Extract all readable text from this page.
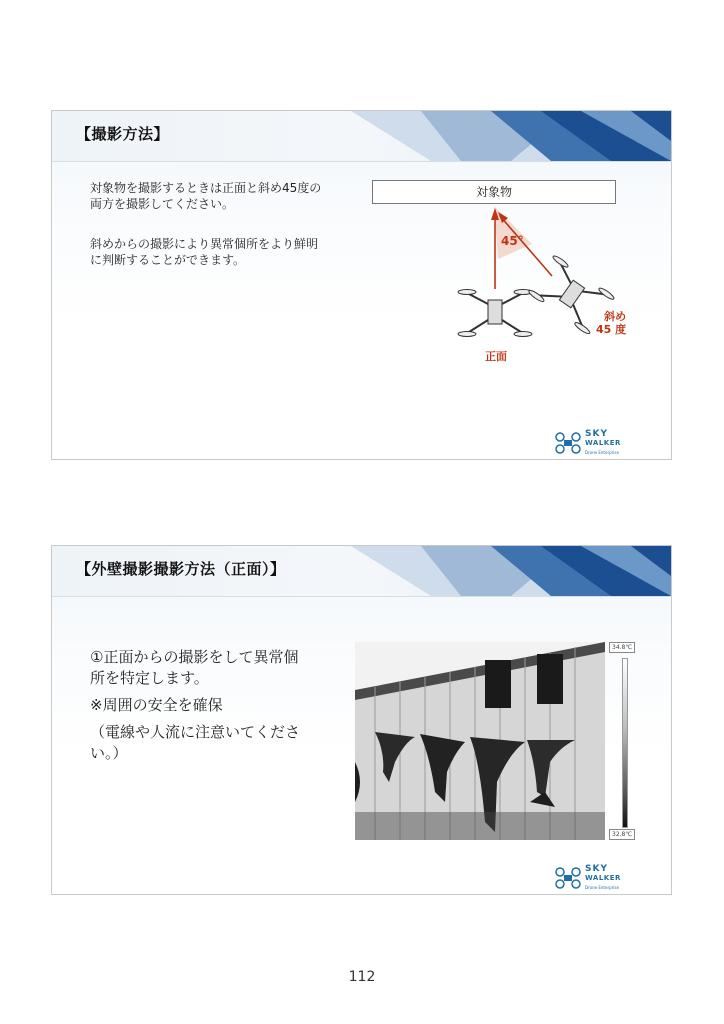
【撮影方法】
対象物を撮影するときは正面と斜め45度の
両方を撮影してください。
斜めからの撮影により異常個所をより鮮明
に判断することができます。
対象物
45°
斜め
45 度
正面
SKY
WALKER
Drone Enterprise
【外壁撮影撮影方法（正面）】
①正面からの撮影をして異常個
所を特定します。
※周囲の安全を確保
（電線や人流に注意いてくださ
い。）
34.8℃
32.8℃
SKY
WALKER
Drone Enterprise
112
